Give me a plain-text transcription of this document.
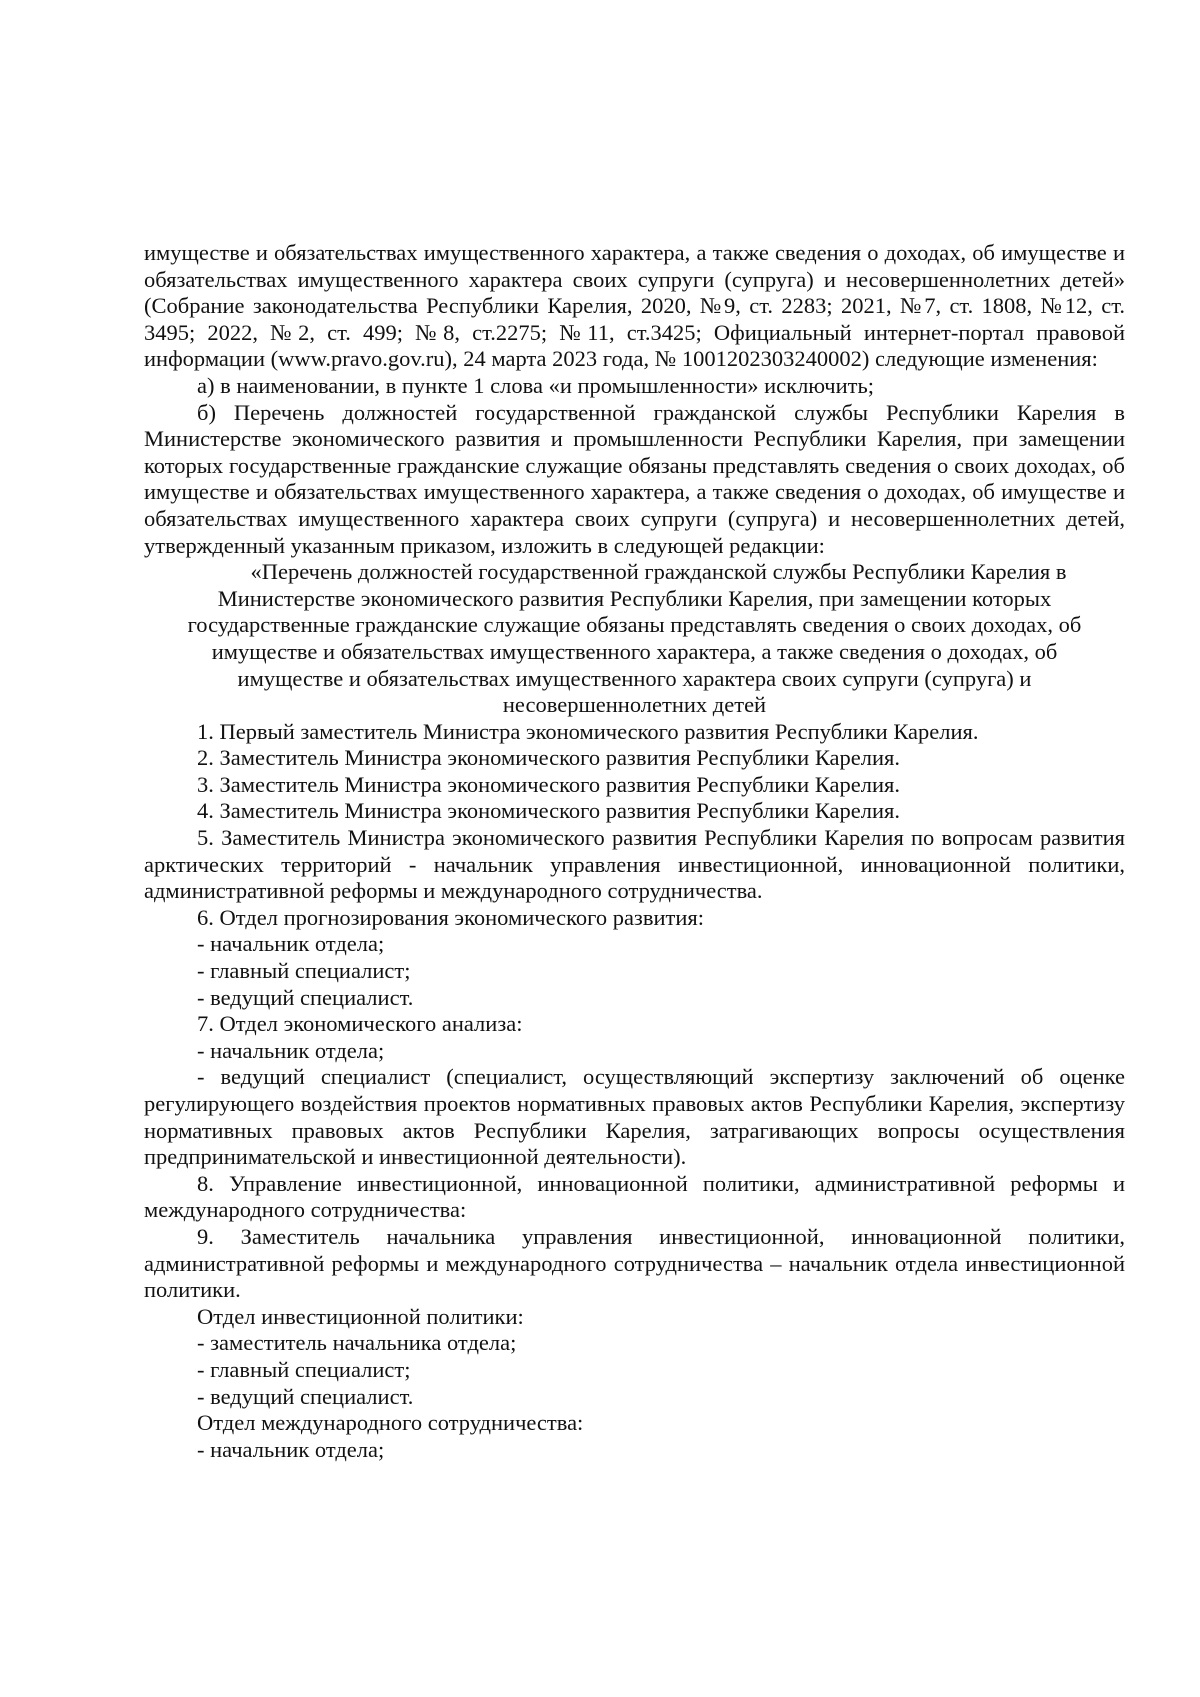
имуществе и обязательствах имущественного характера, а также сведения о доходах, об имуществе и обязательствах имущественного характера своих супруги (супруга) и несовершеннолетних детей» (Собрание законодательства Республики Карелия, 2020, №9, ст. 2283; 2021, №7, ст. 1808, №12, ст. 3495; 2022, №2, ст. 499; №8, ст.2275; №11, ст.3425; Официальный интернет-портал правовой информации (www.pravo.gov.ru), 24 марта 2023 года, № 1001202303240002) следующие изменения:

а) в наименовании, в пункте 1 слова «и промышленности» исключить;

б) Перечень должностей государственной гражданской службы Республики Карелия в Министерстве экономического развития и промышленности Республики Карелия, при замещении которых государственные гражданские служащие обязаны представлять сведения о своих доходах, об имуществе и обязательствах имущественного характера, а также сведения о доходах, об имуществе и обязательствах имущественного характера своих супруги (супруга) и несовершеннолетних детей, утвержденный указанным приказом, изложить в следующей редакции:

«Перечень должностей государственной гражданской службы Республики Карелия в

Министерстве экономического развития Республики Карелия, при замещении которых

государственные гражданские служащие обязаны представлять сведения о своих доходах, об

имуществе и обязательствах имущественного характера, а также сведения о доходах, об

имуществе и обязательствах имущественного характера своих супруги (супруга) и

несовершеннолетних детей

1. Первый заместитель Министра экономического развития Республики Карелия.

2. Заместитель Министра экономического развития Республики Карелия.

3. Заместитель Министра экономического развития Республики Карелия.

4. Заместитель Министра экономического развития Республики Карелия.

5. Заместитель Министра экономического развития Республики Карелия по вопросам развития арктических территорий - начальник управления инвестиционной, инновационной политики, административной реформы и международного сотрудничества.

6. Отдел прогнозирования экономического развития:

- начальник отдела;

- главный специалист;

- ведущий специалист.

7. Отдел экономического анализа:

- начальник отдела;

- ведущий специалист (специалист, осуществляющий экспертизу заключений об оценке регулирующего воздействия проектов нормативных правовых актов Республики Карелия, экспертизу нормативных правовых актов Республики Карелия, затрагивающих вопросы осуществления предпринимательской и инвестиционной деятельности).

8. Управление инвестиционной, инновационной политики, административной реформы и международного сотрудничества:

9. Заместитель начальника управления инвестиционной, инновационной политики, административной реформы и международного сотрудничества – начальник отдела инвестиционной политики.

Отдел инвестиционной политики:

- заместитель начальника отдела;

- главный специалист;

- ведущий специалист.

Отдел международного сотрудничества:

- начальник отдела;
